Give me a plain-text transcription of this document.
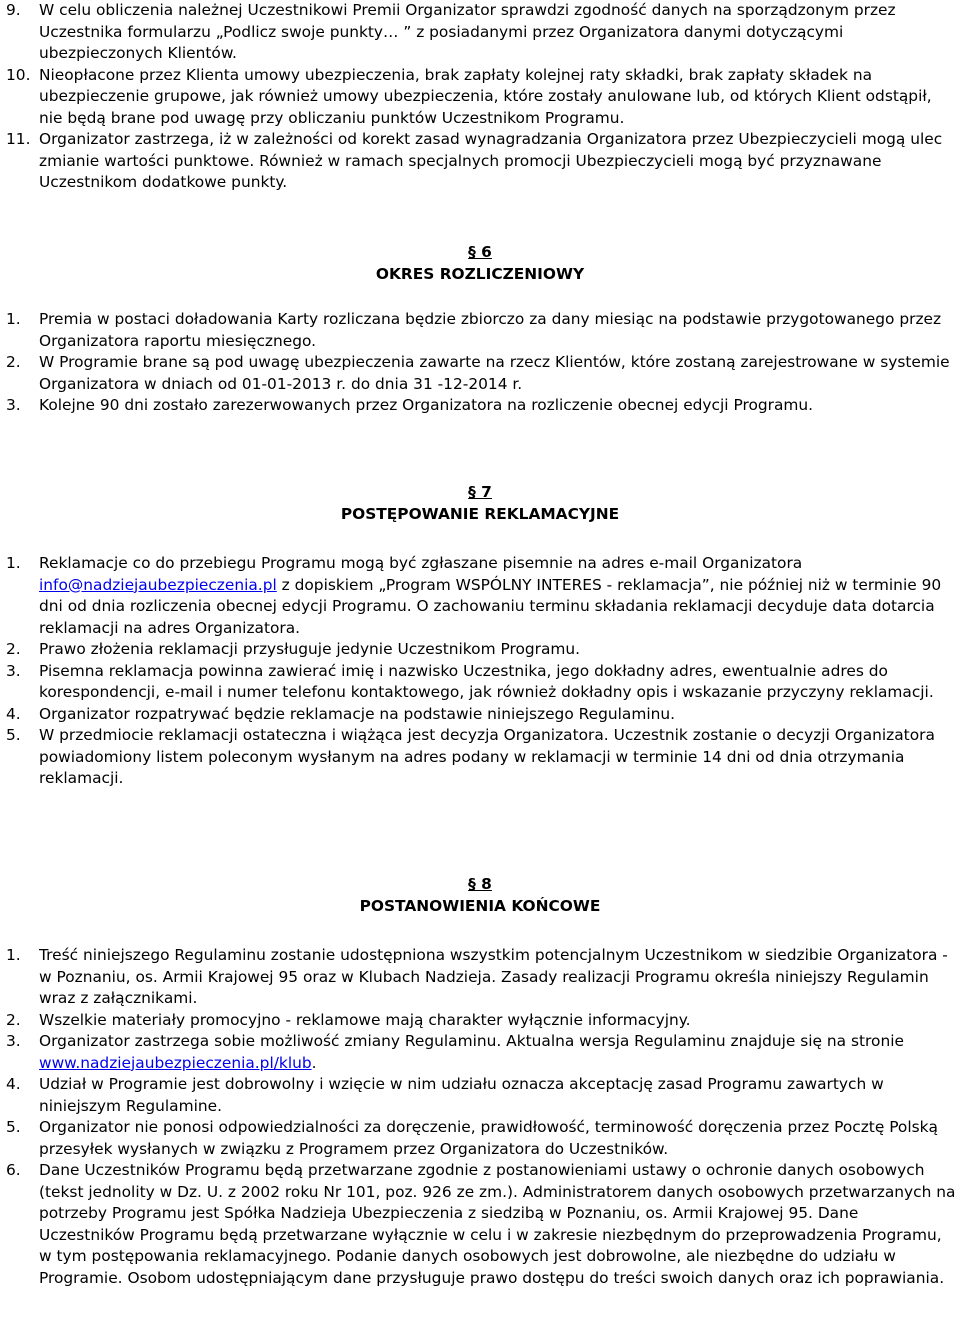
9.	W celu obliczenia należnej Uczestnikowi Premii Organizator sprawdzi zgodność danych na sporządzonym przez Uczestnika formularzu „Podlicz swoje punkty… ” z posiadanymi przez Organizatora danymi dotyczącymi ubezpieczonych Klientów.
10. Nieopłacone przez Klienta umowy ubezpieczenia, brak zapłaty kolejnej raty składki, brak zapłaty składek na ubezpieczenie grupowe, jak również umowy ubezpieczenia, które zostały anulowane lub, od których Klient odstąpił, nie będą brane pod uwagę przy obliczaniu punktów Uczestnikom Programu.
11. Organizator zastrzega, iż w zależności od korekt zasad wynagradzania Organizatora przez Ubezpieczycieli mogą ulec zmianie wartości punktowe. Również w ramach specjalnych promocji Ubezpieczycieli mogą być przyznawane Uczestnikom dodatkowe punkty.
§ 6
OKRES ROZLICZENIOWY
1.	Premia w postaci doładowania Karty rozliczana będzie zbiorczo za dany miesiąc na podstawie przygotowanego przez Organizatora raportu miesięcznego.
2.	W Programie brane są pod uwagę ubezpieczenia zawarte na rzecz Klientów, które zostaną zarejestrowane w systemie Organizatora w dniach od 01-01-2013 r. do dnia 31 -12-2014 r.
3.	Kolejne 90 dni zostało zarezerwowanych przez Organizatora na rozliczenie obecnej edycji Programu.
§ 7
POSTĘPOWANIE REKLAMACYJNE
1.	Reklamacje co do przebiegu Programu mogą być zgłaszane pisemnie na adres e-mail Organizatora
info@nadziejaubezpieczenia.pl z dopiskiem „Program WSPÓLNY INTERES - reklamacja”, nie później niż w terminie 90 dni od dnia rozliczenia obecnej edycji Programu. O zachowaniu terminu składania reklamacji decyduje data dotarcia reklamacji na adres Organizatora.
2.	Prawo złożenia reklamacji przysługuje jedynie Uczestnikom Programu.
3.	Pisemna reklamacja powinna zawierać imię i nazwisko Uczestnika, jego dokładny adres, ewentualnie adres do korespondencji, e-mail i numer telefonu kontaktowego, jak również dokładny opis i wskazanie przyczyny reklamacji.
4.	Organizator rozpatrywać będzie reklamacje na podstawie niniejszego Regulaminu.
5.	W przedmiocie reklamacji ostateczna i wiążąca jest decyzja Organizatora. Uczestnik zostanie o decyzji Organizatora powiadomiony listem poleconym wysłanym na adres podany w reklamacji w terminie 14 dni od dnia otrzymania reklamacji.
§ 8
POSTANOWIENIA KOŃCOWE
1.	Treść niniejszego Regulaminu zostanie udostępniona wszystkim potencjalnym Uczestnikom w siedzibie Organizatora - w Poznaniu, os. Armii Krajowej 95 oraz w Klubach Nadzieja. Zasady realizacji Programu określa niniejszy Regulamin wraz z załącznikami.
2.	Wszelkie materiały promocyjno - reklamowe mają charakter wyłącznie informacyjny.
3.	Organizator zastrzega sobie możliwość zmiany Regulaminu. Aktualna wersja Regulaminu znajduje się na stronie www.nadziejaubezpieczenia.pl/klub.
4.	Udział w Programie jest dobrowolny i wzięcie w nim udziału oznacza akceptację zasad Programu zawartych w niniejszym Regulamine.
5.	Organizator nie ponosi odpowiedzialności za doręczenie, prawidłowość, terminowość doręczenia przez Pocztę Polską przesyłek wysłanych w związku z Programem przez Organizatora do Uczestników.
6.	Dane Uczestników Programu będą przetwarzane zgodnie z postanowieniami ustawy o ochronie danych osobowych (tekst jednolity w Dz. U. z 2002 roku Nr 101, poz. 926 ze zm.). Administratorem danych osobowych przetwarzanych na potrzeby Programu jest Spółka Nadzieja Ubezpieczenia z siedzibą w Poznaniu, os. Armii Krajowej 95. Dane Uczestników Programu będą przetwarzane wyłącznie w celu i w zakresie niezbędnym do przeprowadzenia Programu, w tym postępowania reklamacyjnego. Podanie danych osobowych jest dobrowolne, ale niezbędne do udziału w Programie. Osobom udostępniającym dane przysługuje prawo dostępu do treści swoich danych oraz ich poprawiania.
